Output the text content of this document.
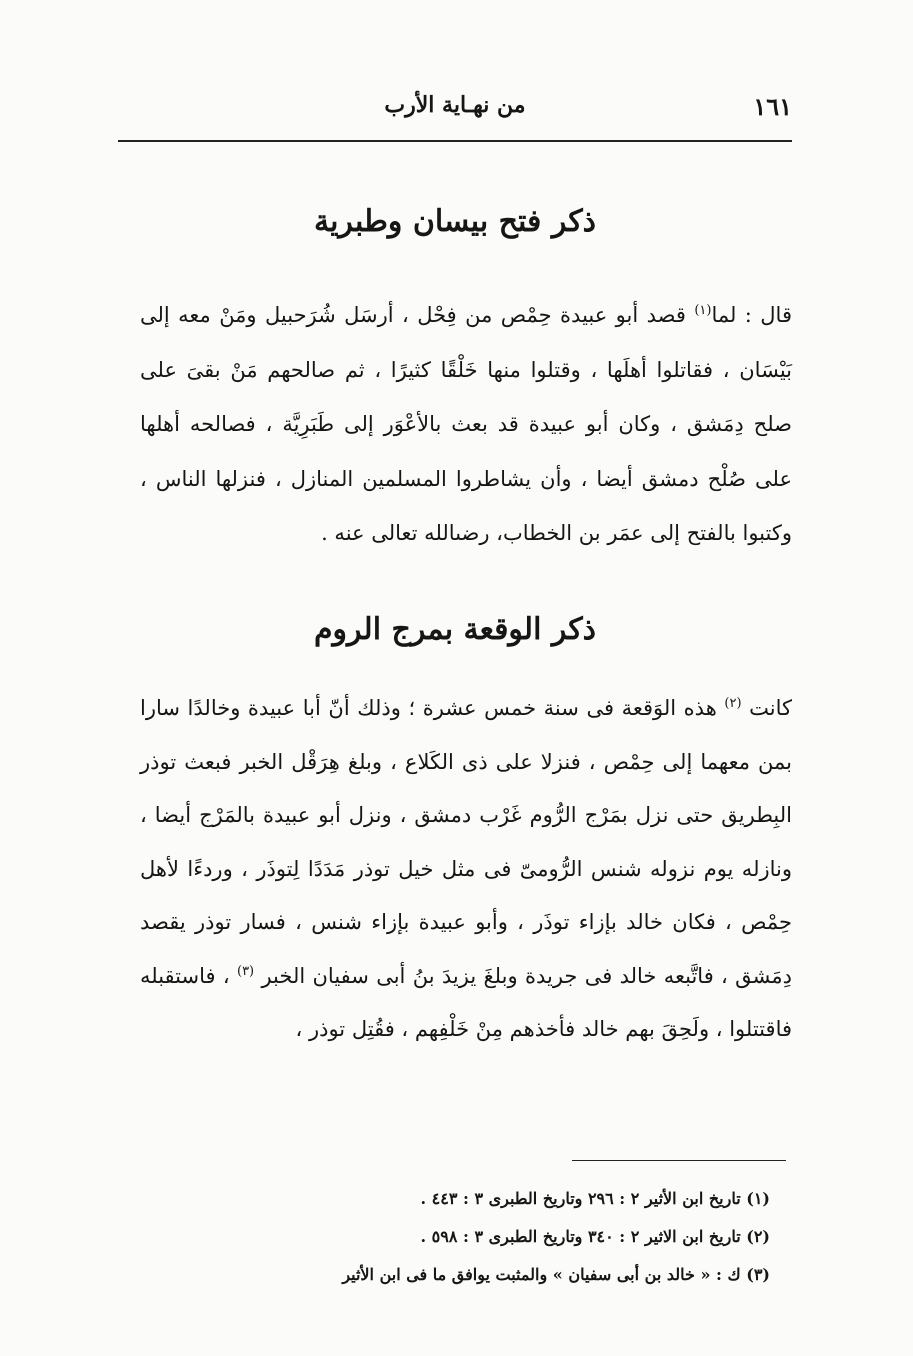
١٦١
من نهـاية الأرب
ذكر فتح بيسان وطبرية
قال : لما$^{(١)}$ قصد أبو عبيدة حِمْص من فِحْل ، أرسَل شُرَحبيل ومَنْ معه إلى بَيْسَان ، فقاتلوا أهلَها ، وقتلوا منها خَلْقًا كثيرًا ، ثم صالحهم مَنْ بقىَ على صلح دِمَشق ، وكان أبو عبيدة قد بعث بالأعْوَر إلى طَبَرِيَّة ، فصالحه أهلها على صُلْح دمشق أيضا ، وأن يشاطروا المسلمين المنازل ، فنزلها الناس ، وكتبوا بالفتح إلى عمَر بن الخطاب، رضىالله تعالى عنه .
ذكر الوقعة بمرج الروم
كانت $^{(٢)}$ هذه الوَقعة فى سنة خمس عشرة ؛ وذلك أنّ أبا عبيدة وخالدًا سارا بمن معهما إلى حِمْص ، فنزلا على ذى الكَلاع ، وبلغ هِرَقْل الخبر فبعث توذر البِطريق حتى نزل بمَرْج الرُّوم غَرْب دمشق ، ونزل أبو عبيدة بالمَرْج أيضا ، ونازله يوم نزوله شنس الرُّومىّ فى مثل خيل توذر مَدَدًا لِتوذَر ، وردءًا لأهل حِمْص ، فكان خالد بإزاء توذَر ، وأبو عبيدة بإزاء شنس ، فسار توذر يقصد دِمَشق ، فاتَّبعه خالد فى جريدة وبلغَ يزيدَ بنُ أبى سفيان الخبر $^{(٣)}$ ، فاستقبله فاقتتلوا ، ولَحِقَ بهم خالد فأخذهم مِنْ خَلْفِهم ، فقُتِل توذر ،
(١) تاريخ ابن الأثير ٢ : ٢٩٦ وتاريخ الطبرى ٣ : ٤٤٣ .
(٢) تاريخ ابن الاثير ٢ : ٣٤٠ وتاريخ الطبرى ٣ : ٥٩٨ .
(٣) ك : « خالد بن أبى سفيان » والمثبت يوافق ما فى ابن الأثير
